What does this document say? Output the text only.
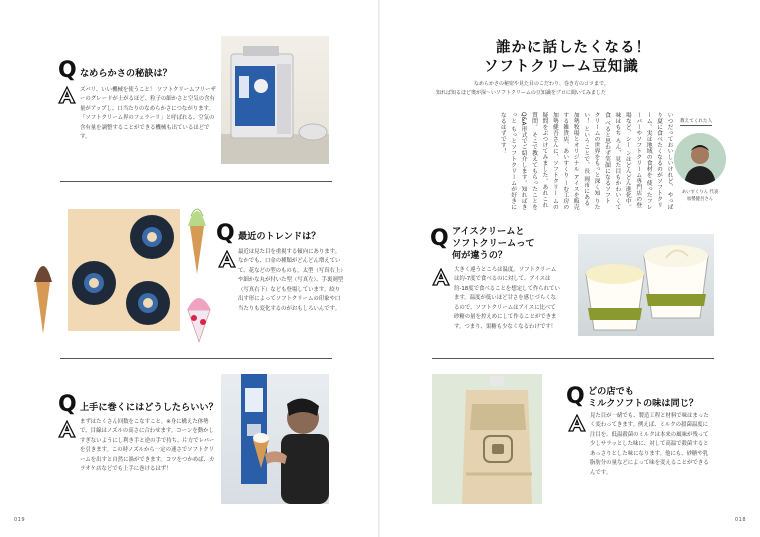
Q なめらかさの秘訣は？
ズバリ、いい機械を使うこと！ ソフトクリームフリーザーのグレードが上がるほど、粒子の細かさと空気の含有量がアップし、口当たりのなめらかさにつながります。「ソフトクリーム界のフェラーリ」と呼ばれる、空気の含有量を調整することができる機械も出ているほどです。
Q 最近のトレンドは？
最近は見た目を重視する傾向にあります。なかでも、口金の種類がどんどん増えていて、花などの型のものも。太型（写真右上）や細かな丸が付いた型（写真左）、手裏剣型（写真右下）なども登場しています。絞り出す形によってソフトクリームの印象や口当たりも変化するのがおもしろいんです。
Q 上手に巻くにはどうしたらいい？
まずはたくさん回数をこなすこと。※身に構えた体勢で、目線はノズルの高さに合わせます。コーンを動かしすぎないようにし利き手と逆の手で持ち、片方でレバーを引きます。この時ノズルから一定の速さでソフトクリームを出すと自然に渦ができます。コツをつかめば、カラオケ店などでも上手に巻けるはず！
019
誰かに話したくなる！
ソフトクリーム豆知識
なめらかさの秘密や見た目のこだわり、巻き方のコツまで。
知れば知るほど奥が深〜いソフトクリームの豆知識をプロに聞いてみました
いつだっておいしいけれど、 やっぱり夏に食べたくなるのがソフトクリーム。実は地域の食材を 使ったフレーバーやソフトクリーム専門店の登場など、シー ンはどんどん進化中。味はもち ろん、見た目もかわいくて食 べると思わず笑顔になるソフト クリームの世界をもっと深く知 りたい！ ということで、長 岡市にある加勢牧場とオリジナル アイスを販売する雑貨店、あいすくり ーむ工房の加勢健吾さんに、ソフトクリー ムの疑問をぶつけてみました。あれこれ質問。 そこで教えてもらったことをQ&A形式でご紹介します。知ればきっと もっとソフトクリームが好きになるはずです！	教えてくれた人
あいすくりん 代表
加勢健吾さん
Q アイスクリームと
ソフトクリームって
何が違うの？
大きく違うところは温度。ソフトクリームは約-7度で食べるのに対して、アイスは約-18度で食べることを想定して作られています。温度が低いほど甘さを感じづらくなるので、ソフトクリームはアイスに比べて砂糖の量を控えめにして作ることができます。つまり、果糖も少なくなるわけです！
Q どの店でも
ミルクソフトの味は同じ？
見た目が一緒でも、製造工程と材料で味はまったく変わってきます。例えば、ミルクの殺菌温度に注目を。低温殺菌のミルクは本来の風味が残って少しサラッとした味に、対して高温で殺菌するとあっさりとした味になります。他にも、砂糖や乳脂肪分の量などによって味を変えることができるんです。
018
